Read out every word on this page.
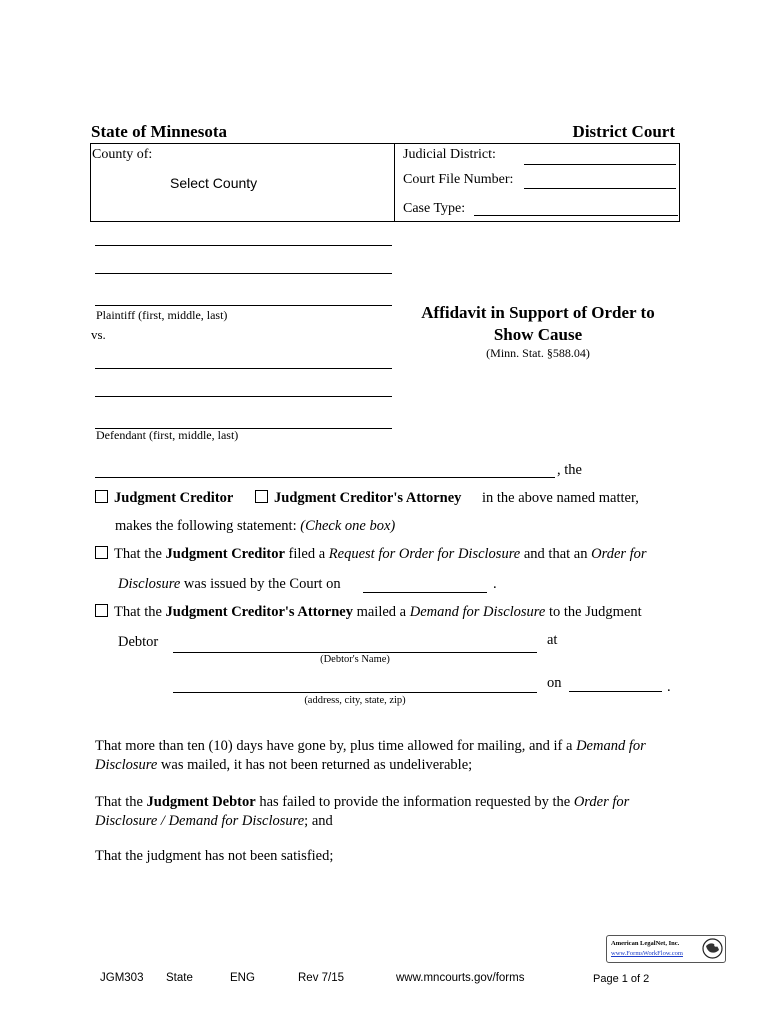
State of Minnesota	District Court
County of:
Select County
Judicial District:
Court File Number:
Case Type:
Plaintiff (first, middle, last)
vs.
Defendant (first, middle, last)
Affidavit in Support of Order to
Show Cause
(Minn. Stat. §588.04)
, the
Judgment Creditor	Judgment Creditor's Attorney in the above named matter,
makes the following statement: (Check one box)
That the Judgment Creditor filed a Request for Order for Disclosure and that an Order for
Disclosure was issued by the Court on	.
That the Judgment Creditor's Attorney mailed a Demand for Disclosure to the Judgment
Debtor	at
(Debtor's Name)
on	.
(address, city, state, zip)
That more than ten (10) days have gone by, plus time allowed for mailing, and if a Demand for
Disclosure was mailed, it has not been returned as undeliverable;
That the Judgment Debtor has failed to provide the information requested by the Order for
Disclosure / Demand for Disclosure; and
That the judgment has not been satisfied;
American LegalNet, Inc.
www.FormsWorkFlow.com
JGM303 State	ENG	Rev 7/15	www.mncourts.gov/forms	Page 1 of 2
